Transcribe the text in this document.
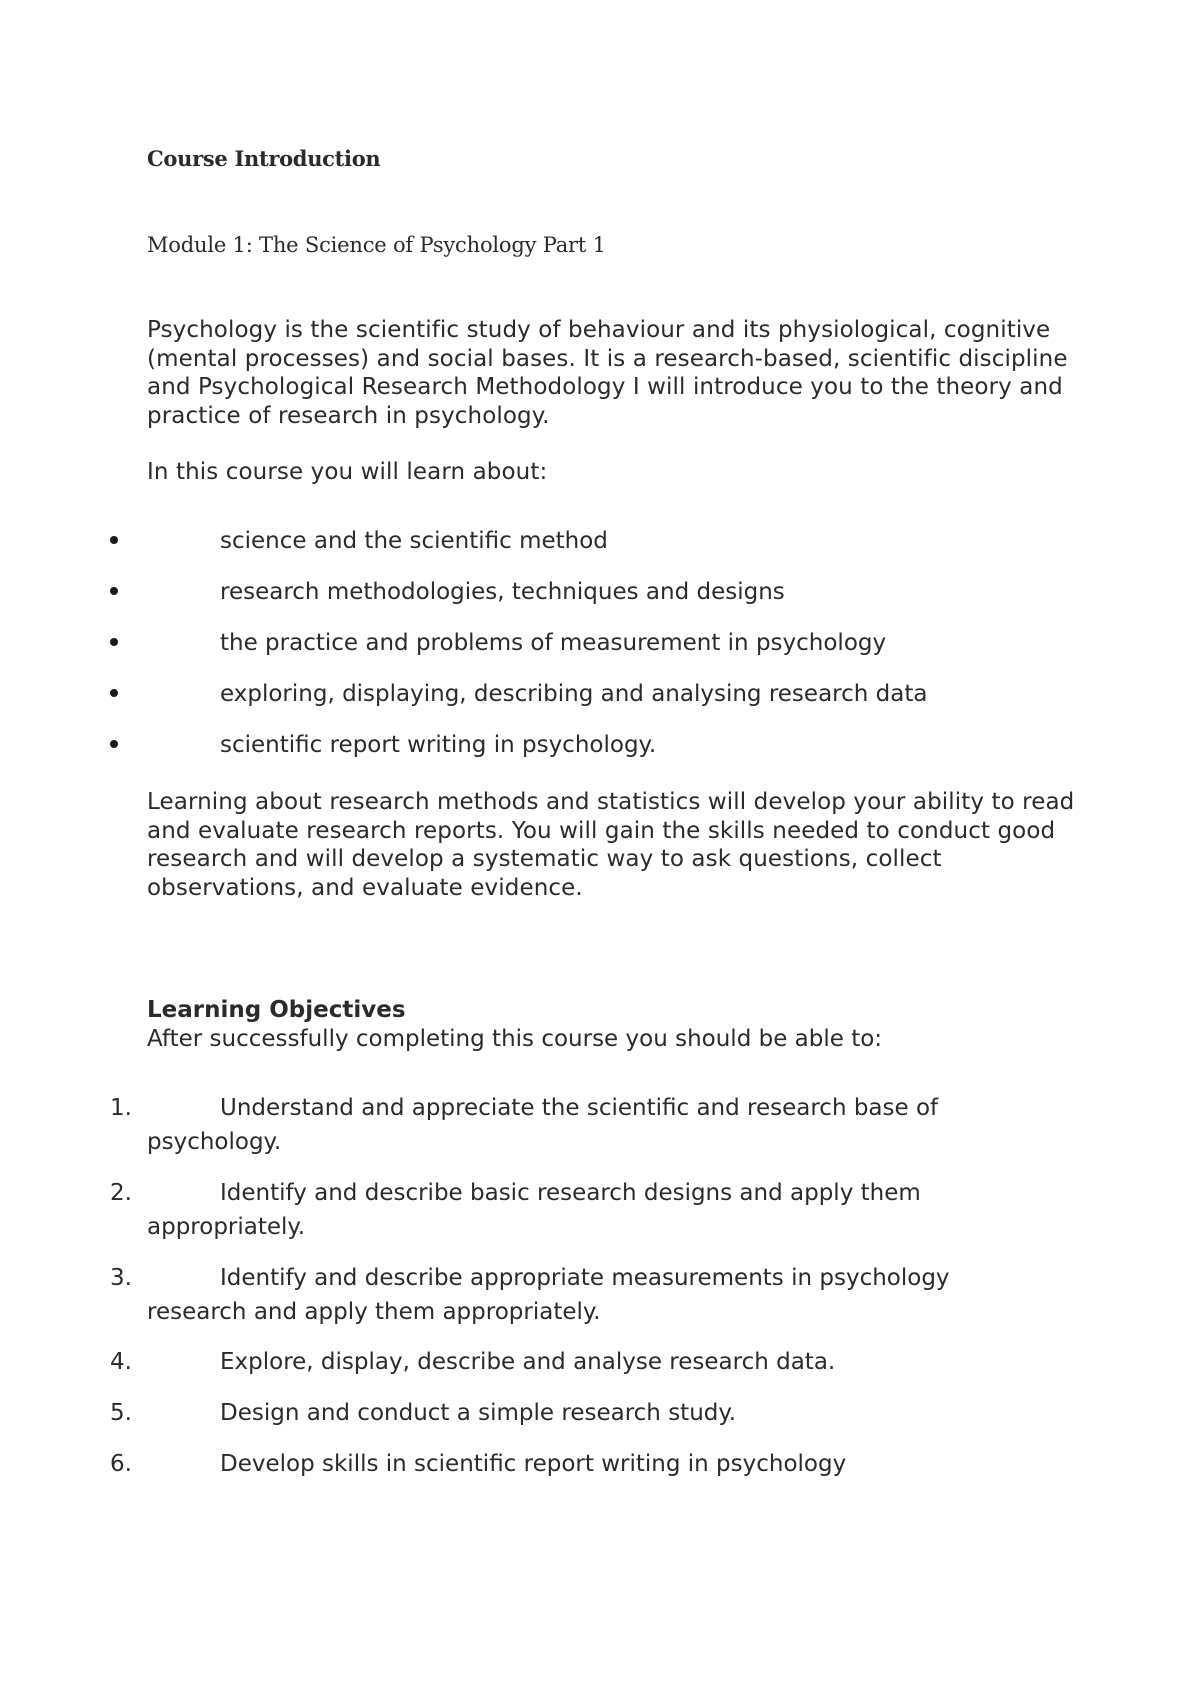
Course Introduction
Module 1: The Science of Psychology Part 1

Psychology is the scientific study of behaviour and its physiological, cognitive (mental processes) and social bases. It is a research-based, scientific discipline and Psychological Research Methodology I will introduce you to the theory and practice of research in psychology.

In this course you will learn about:

science and the scientific method
research methodologies, techniques and designs
the practice and problems of measurement in psychology
exploring, displaying, describing and analysing research data
scientific report writing in psychology.

Learning about research methods and statistics will develop your ability to read and evaluate research reports. You will gain the skills needed to conduct good research and will develop a systematic way to ask questions, collect observations, and evaluate evidence.

Learning Objectives

After successfully completing this course you should be able to:

1.	Understand and appreciate the scientific and research base of
psychology.
2.	Identify and describe basic research designs and apply them
appropriately.
3.	Identify and describe appropriate measurements in psychology
research and apply them appropriately.
4.	Explore, display, describe and analyse research data.
5.	Design and conduct a simple research study.
6.	Develop skills in scientific report writing in psychology
